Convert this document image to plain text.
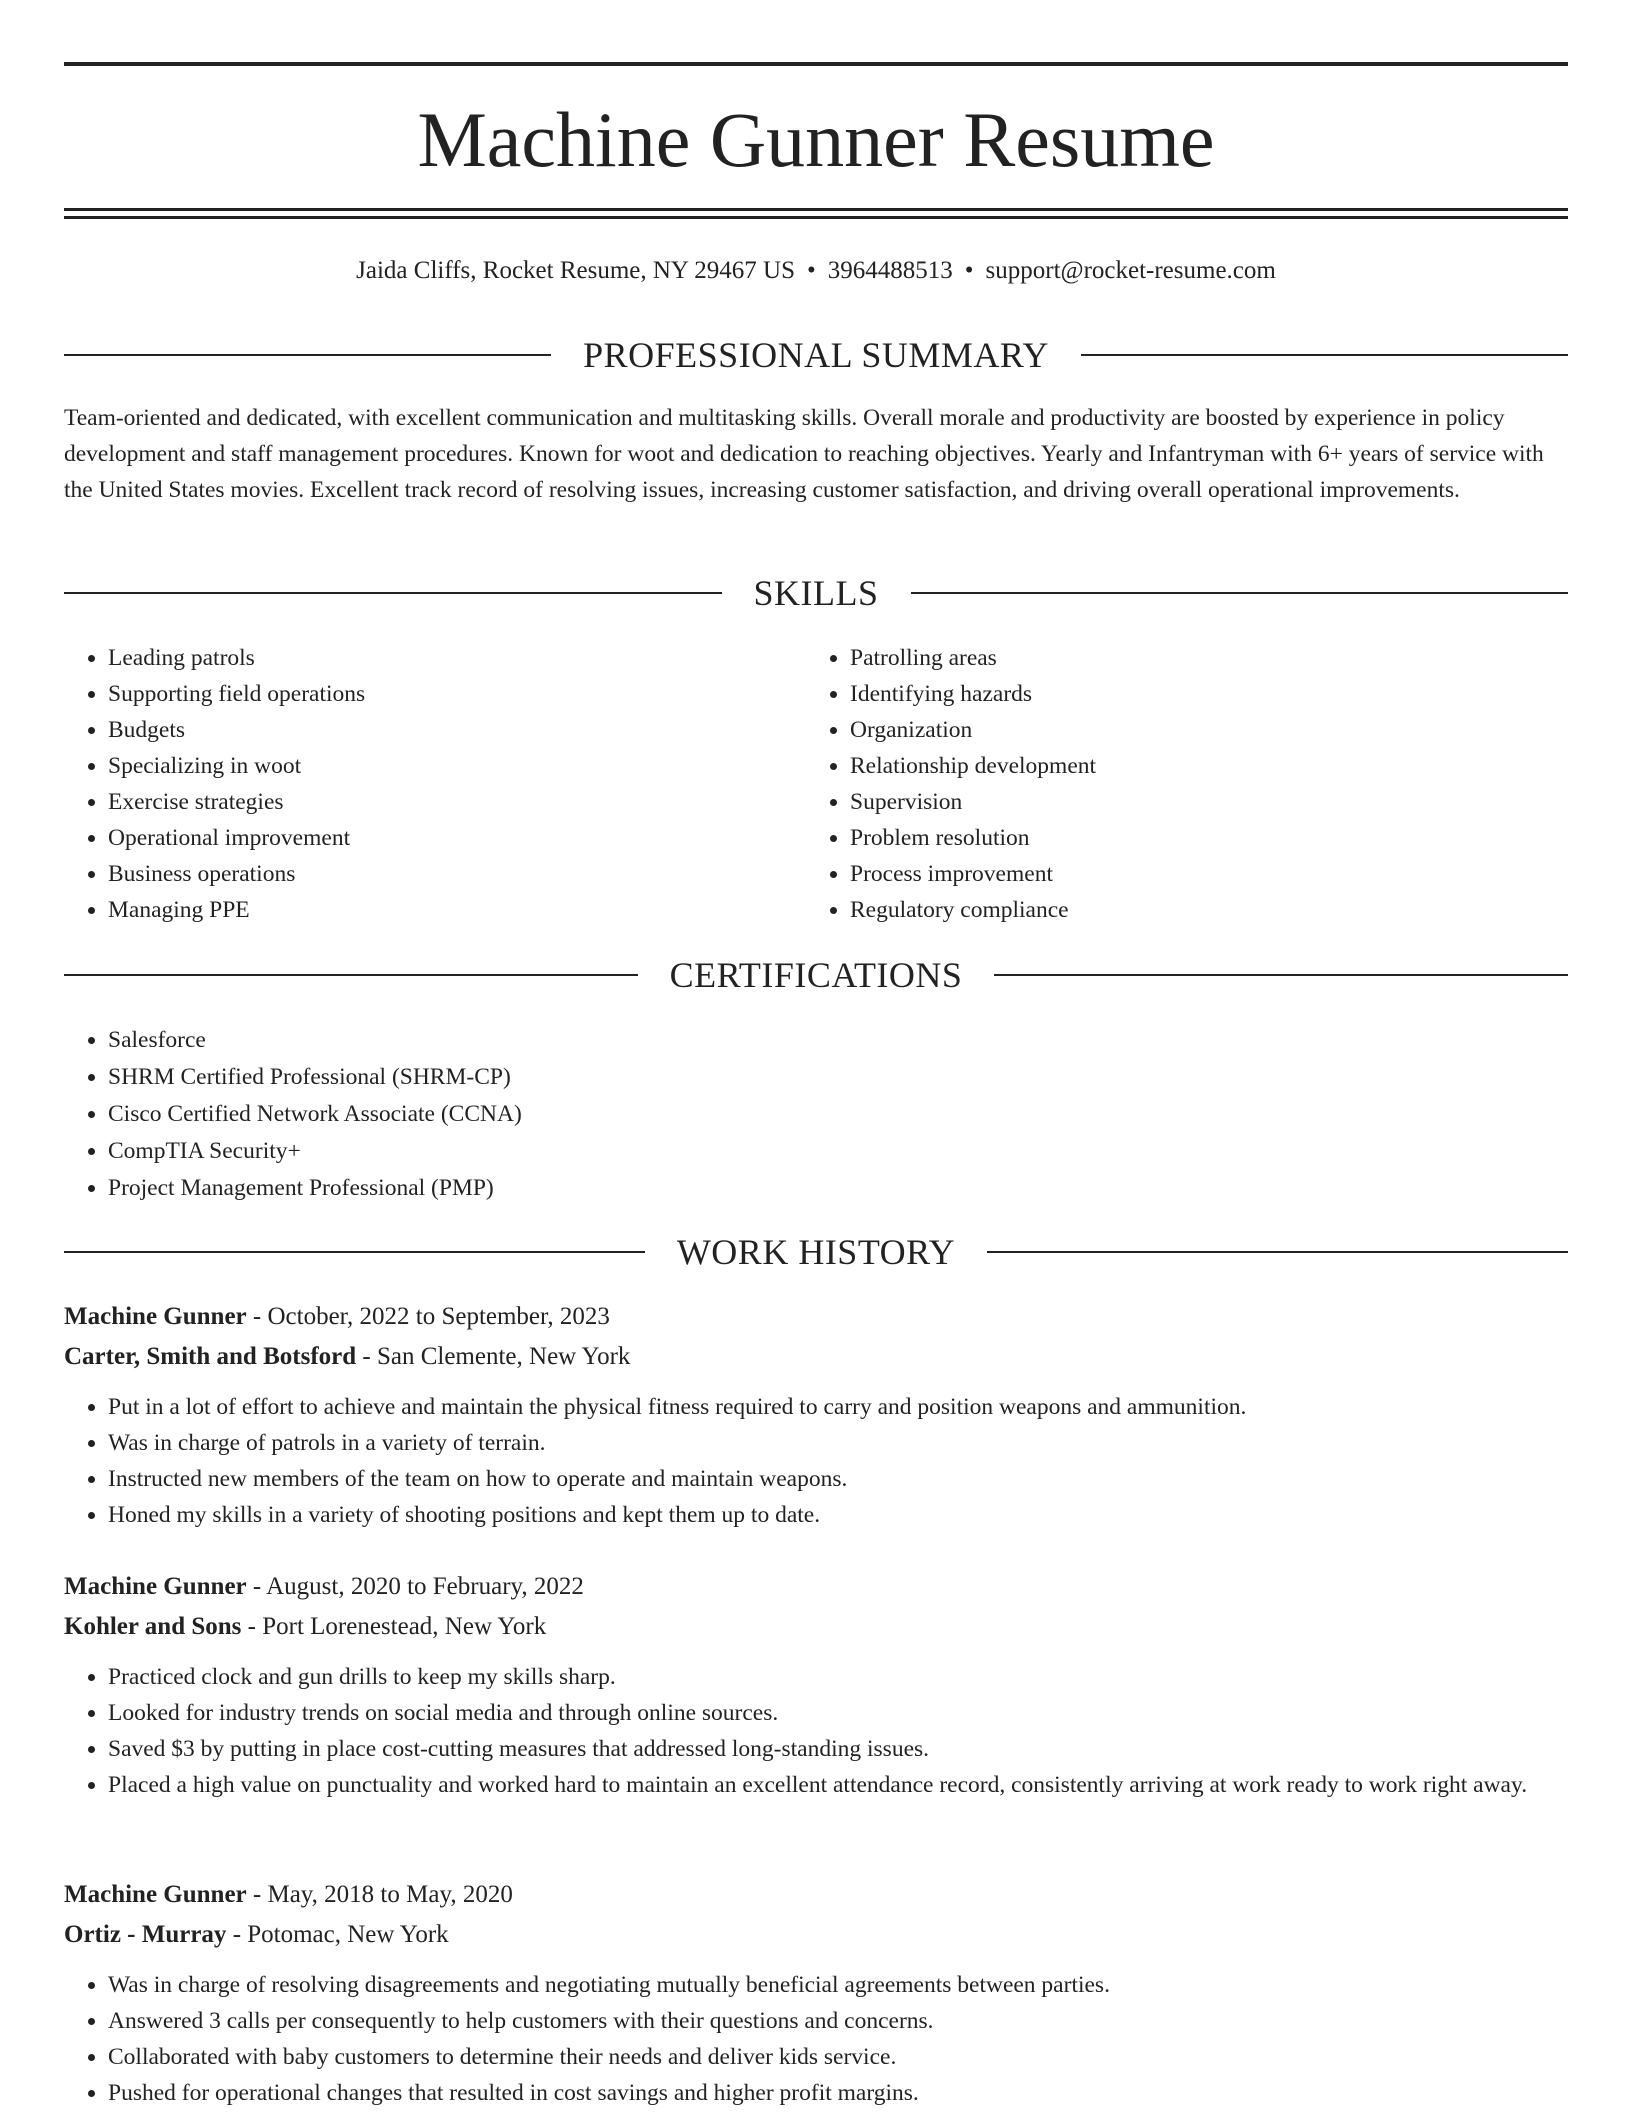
Machine Gunner Resume
Jaida Cliffs, Rocket Resume, NY 29467 US • 3964488513 • support@rocket-resume.com
PROFESSIONAL SUMMARY

Team-oriented and dedicated, with excellent communication and multitasking skills. Overall morale and productivity are boosted by experience in policy development and staff management procedures. Known for woot and dedication to reaching objectives. Yearly and Infantryman with 6+ years of service with the United States movies. Excellent track record of resolving issues, increasing customer satisfaction, and driving overall operational improvements.

SKILLS
• Leading patrols
• Supporting field operations
• Budgets
• Specializing in woot
• Exercise strategies
• Operational improvement
• Business operations
• Managing PPE
• Patrolling areas
• Identifying hazards
• Organization
• Relationship development
• Supervision
• Problem resolution
• Process improvement
• Regulatory compliance
CERTIFICATIONS
• Salesforce
• SHRM Certified Professional (SHRM-CP)
• Cisco Certified Network Associate (CCNA)
• CompTIA Security+
• Project Management Professional (PMP)
WORK HISTORY
Machine Gunner - October, 2022 to September, 2023
Carter, Smith and Botsford - San Clemente, New York
• Put in a lot of effort to achieve and maintain the physical fitness required to carry and position weapons and ammunition.
• Was in charge of patrols in a variety of terrain.
• Instructed new members of the team on how to operate and maintain weapons.
• Honed my skills in a variety of shooting positions and kept them up to date.
Machine Gunner - August, 2020 to February, 2022
Kohler and Sons - Port Lorenestead, New York
• Practiced clock and gun drills to keep my skills sharp.
• Looked for industry trends on social media and through online sources.
• Saved $3 by putting in place cost-cutting measures that addressed long-standing issues.
• Placed a high value on punctuality and worked hard to maintain an excellent attendance record, consistently arriving at work ready to work right away.
Machine Gunner - May, 2018 to May, 2020
Ortiz - Murray - Potomac, New York
• Was in charge of resolving disagreements and negotiating mutually beneficial agreements between parties.
• Answered 3 calls per consequently to help customers with their questions and concerns.
• Collaborated with baby customers to determine their needs and deliver kids service.
• Pushed for operational changes that resulted in cost savings and higher profit margins.
